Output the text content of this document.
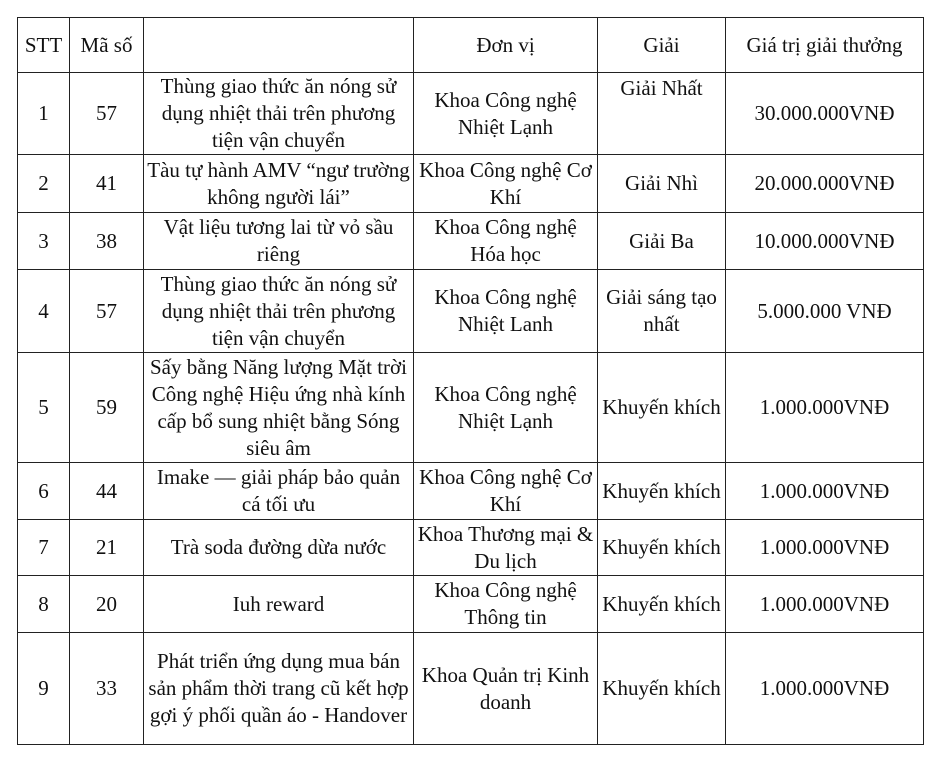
STT	Mã số		Đơn vị	Giải	Giá trị giải thưởng
1	57	Thùng giao thức ăn nóng sử dụng nhiệt thải trên phương tiện vận chuyển	Khoa Công nghệ Nhiệt Lạnh	Giải Nhất	30.000.000VNĐ
2	41	Tàu tự hành AMV “ngư trường không người lái”	Khoa Công nghệ Cơ Khí	Giải Nhì	20.000.000VNĐ
3	38	Vật liệu tương lai từ vỏ sầu riêng	Khoa Công nghệ Hóa học	Giải Ba	10.000.000VNĐ
4	57	Thùng giao thức ăn nóng sử dụng nhiệt thải trên phương tiện vận chuyển	Khoa Công nghệ Nhiệt Lanh	Giải sáng tạo nhất	5.000.000 VNĐ
5	59	Sấy bằng Năng lượng Mặt trời Công nghệ Hiệu ứng nhà kính cấp bổ sung nhiệt bằng Sóng siêu âm	Khoa Công nghệ Nhiệt Lạnh	Khuyến khích	1.000.000VNĐ
6	44	Imake — giải pháp bảo quản cá tối ưu	Khoa Công nghệ Cơ Khí	Khuyến khích	1.000.000VNĐ
7	21	Trà soda đường dừa nước	Khoa Thương mại & Du lịch	Khuyến khích	1.000.000VNĐ
8	20	Iuh reward	Khoa Công nghệ Thông tin	Khuyến khích	1.000.000VNĐ
9	33	Phát triển ứng dụng mua bán sản phẩm thời trang cũ kết hợp gợi ý phối quần áo - Handover	Khoa Quản trị Kinh doanh	Khuyến khích	1.000.000VNĐ
